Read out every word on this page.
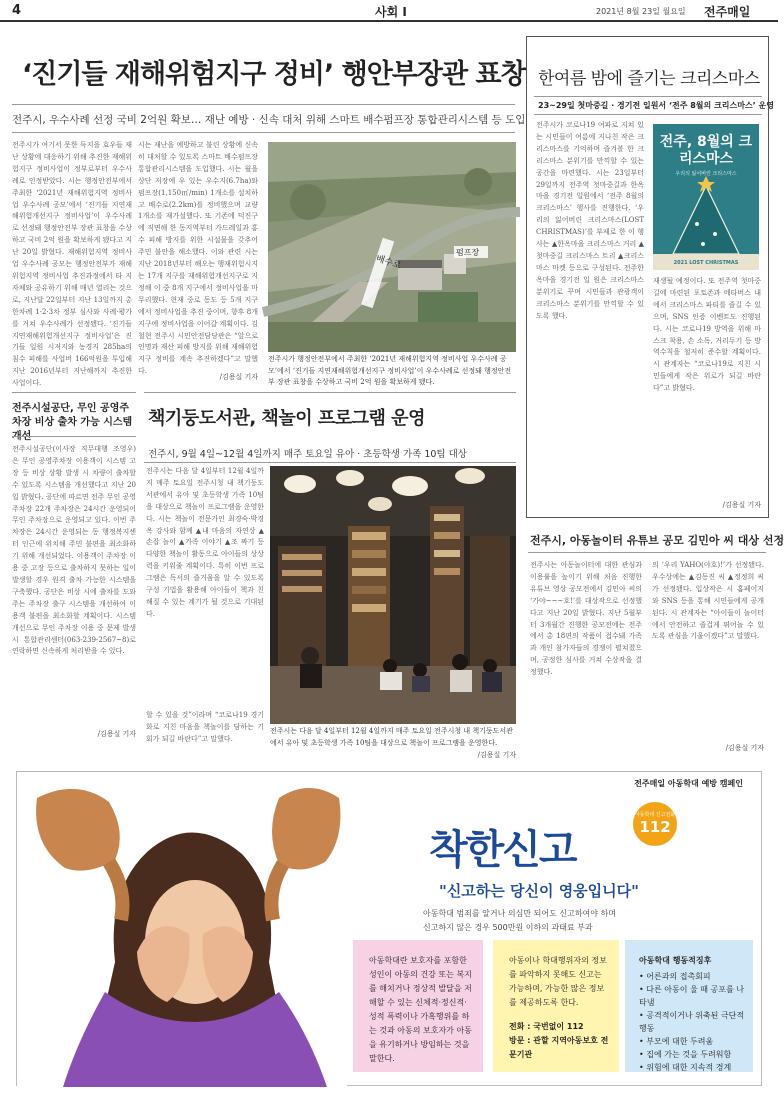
4	사회 I	2021년 8월 23일 월요일 전주매일
‘진기들 재해위험지구 정비’ 행안부장관 표창
전주시, 우수사례 선정 국비 2억원 확보… 재난 예방 · 신속 대처 위해 스마트 배수펌프장 통합관리시스템 등 도입
전주시가 여기서 못한 득지을 효우들 재난 상황에 대응하기 위해 추진한 재해위험지구 정비사업이 정부로부터 우수사례로 인정받았다. 시는 행정안전부에서 주최한 ‘2021년 재해위험지역 정비사업 우수사례 공모’에서 ‘진기들 지연재해위험개선지구 정비사업’이 우수사례로 선정돼 행정안전부 장관 표창을 수상하고 국비 2억 원을 확보하게 됐다고 지난 20일 밝혔다. 재해위험지역 정비사업 우수사례 공모는 행정안전부가 재해위험지역 정비사업 추진과정에서 타 지자체와 공유하기 위해 매년 열리는 것으로, 지난달 22일부터 지난 13일까지 총 한차례 1·2·3차 정부 심사와 사례·평가를 거쳐 우수사례가 선정됐다. ‘진기들 지연재해위험개선지구 정비사업’은 진기들 일원 시저지와 농경지 285ha의 침수 피해를 사업비 166억원을 투입해 지난 2016년부터 지난해까지 추진한 사업이다.
시는 재난을 예방하고 불린 상황에 신속히 대처할 수 있도록 스마트 배수펌프장 통합관리시스템을 도입했다. 시는 월을 상단 저장에 우 있는 우수지(6.7ha)와 펌프장(1,150㎥/min) 1개소를 설치하고 배수로(2.2km)를 정비했으며 교량 1개소를 재가설했다. 또 기존에 덕진구에 직면해 한 동지역부터 가드레일과 홍수 피해 방지를 위한 시설물을 갖추어 주민 불안을 해소했다. 이와 관련 시는 지난 2018년부터 해오는 행재위험시지는 17개 지구를 재해위험개선지구로 지정해 이 중 8개 지구에서 정비사업을 마무리했다. 현재 중로 동도 등 5개 지구에서 정비사업을 추진 중이며, 향후 8개 지구에 정비사업을 이어갈 계획이다. 김철현 전주시 시민안전담당관은 “앞으로 인명과 재산 피해 방지를 위해 재해위험지구 정비를 계속 추진하겠다”고 말했다.
/김용실 기자
배수로
펌프장
전주시가 행정안전부에서 주최한 ‘2021년 재해위험지역 정비사업 우수사례 공모’에서 ‘진기들 지연재해위험개선지구 정비사업’이 우수사례로 선정돼 행정안전부 장관 표창을 수상하고 국비 2억 원을 확보하게 됐다.
전주시설공단, 무인 공영주차장 비상 출차 가능 시스템
전주시설공단(이사장 직무대행 조영우)은 무인 공영주차장 이용객이 시스템 고장 등 비상 상황 발생 시 차량이 출차할 수 있도록 시스템을 개선했다고 지난 20일 밝혔다. 공단에 따르면 전주 무인 공영주차장 22개 주차장은 24시간 운영되어 무인 주차장으로 운영되고 있다. 이번 주차장은 24시간 운영되는 동 행정복지센터 인근에 위치해 주민 불편을 최소화하기 위해 개선되었다. 이용객이 주차장 이용 중 고장 등으로 출차하지 못하는 일이 발생할 경우 원격 출차 가능한 시스템을 구축했다. 공단은 비상 시에 출차를 도와주는 주차장 출구 시스템을 개선하여 이용객 불편을 최소화할 계획이다. 시스템 개선으로 무인 주차장 이용 중 문제 발생 시 통합관리센터(063-239-2567~8)로 연락하면 신속하게 처리받을 수 있다.
/김용실 기자
책기둥도서관, 책놀이 프로그램 운영
전주시, 9월 4일~12월 4일까지 매주 토요일 유아 · 초등학생 가족 10팀 대상
전주시는 다음 달 4일부터 12월 4일까지 매주 토요일 전주시청 내 책기둥도서관에서 유아 및 초등학생 가족 10팀을 대상으로 책놀이 프로그램을 운영한다. 시는 책놀이 전문가인 최경숙·박경옥 강사와 함께 ▲내 마음의 자연상 ▲손잡 놀이 ▲가족 이야기 ▲조 짜기 등 다양한 책놀이 활동으로 아이들의 상상력을 키워줄 계획이다. 특히 이번 프로그램은 독서의 즐거움을 알 수 있도록 구성 기법을 활용해 아이들이 책과 친해질 수 있는 계기가 될 것으로 기대된다.
할 수 있을 것”이라며 “코로나19 경기 화로 지친 마음을 책놀이를 담하는 기회가 되길 바란다”고 말했다.
전주시는 다음 달 4일부터 12월 4일까지 매주 토요일 전주시청 내 책기둥도서관에서 유아 및 초등학생 가족 10팀을 대상으로 책놀이 프로그램을 운영한다.
/김용실 기자
한여름 밤에 즐기는 크리스마스
23~29일 첫마중길 · 경기전 일원서 ‘전주 8월의 크리스마스’ 운영
전주시가 코로나19 여파로 지쳐 있는 시민들이 여름에 지나친 작은 크리스마스를 기억하며 즐겨볼 한 크리스마스 분위기를 만끽할 수 있는 공간을 마련했다. 시는 23일부터 29일까지 전주역 첫마중길과 한옥마을 경기전 일원에서 ‘전주 8월의 크리스마스’ 행사를 진행한다. ‘우리의 잃어버린 크리스마스(LOST CHRISTMAS)’를 부제로 한 이 행사는 ▲한옥마을 크리스마스 거리 ▲첫마중길 크리스마스 트리 ▲크리스마스 마켓 등으로 구성된다. 전주한옥마을 경기전 일 원은 크리스마스 분위기로 꾸며 시민들과 관광객이 크리스마스 분위기를 만끽할 수 있도록 했다.
전주, 8월의 크리스마스
우리의 잃어버린 크리스마스
2021 LOST CHRISTMAS
재생될 예정이다. 또 전주역 첫마중길에 마련된 포토존과 메타버스 내에서 크리스마스 파티를 즐길 수 있으며, SNS 인증 이벤트도 진행된다. 시는 코로나19 방역을 위해 마스크 착용, 손 소독, 거리두기 등 방역수칙을 철저히 준수할 계획이다. 시 관계자는 “코로나19로 지친 시민들에게 작은 위로가 되길 바란다”고 밝혔다.
/김용실 기자
전주시, 아동놀이터 유튜브 공모 김민아 씨 대상 선정
전주시는 아동놀이터에 대한 관심과 이용률을 높이기 위해 처음 진행한 유튜브 영상 공모전에서 김민아 씨의 ‘가야~~~호!’를 대상작으로 선정했다고 지난 20일 밝혔다. 지난 5월부터 3개월간 진행한 공모전에는 전주에서 총 18편의 작품이 접수돼 가족과 개인 참가자들의 경쟁이 펼쳐졌으며, 공정한 심사를 거쳐 수상작을 결정했다.
의 ‘우리 YAHO(야호)!’가 선정됐다. 우수상에는 ▲김동진 씨 ▲정정희 씨가 선정됐다. 입상작은 시 홈페이지와 SNS 등을 통해 시민들에게 공개된다. 시 관계자는 “아이들이 놀이터에서 안전하고 즐겁게 뛰어놀 수 있도록 관심을 기울이겠다”고 말했다.
/김용실 기자
전주매일 아동학대 예방 캠페인
착한신고
아동학대 신고전화
112
"신고하는 당신이 영웅입니다"
아동학대 범죄를 알거나 의심만 되어도 신고하여야 하며
신고하지 않은 경우 500만원 이하의 과태료 부과
아동학대란 보호자를 포함한 성인이 아동의 건강 또는 복지를 해치거나 정상적 발달을 저해할 수 있는 신체적·정신적·성적 폭력이나 가혹행위를 하는 것과 아동의 보호자가 아동을 유기하거나 방임하는 것을 말한다.
아동이나 학대행위자의 정보를 파악하지 못해도 신고는 가능하며, 가능한 많은 정보를 제공하도록 한다.
전화 : 국번없이 112
방문 : 관할 지역아동보호 전문기관
아동학대 행동적징후
• 어른과의 접촉회피
• 다른 아동이 울 때 공포를 나타냄
• 공격적이거나 위축된 극단적 행동
• 부모에 대한 두려움
• 집에 가는 것을 두려워함
• 위험에 대한 지속적 경계
